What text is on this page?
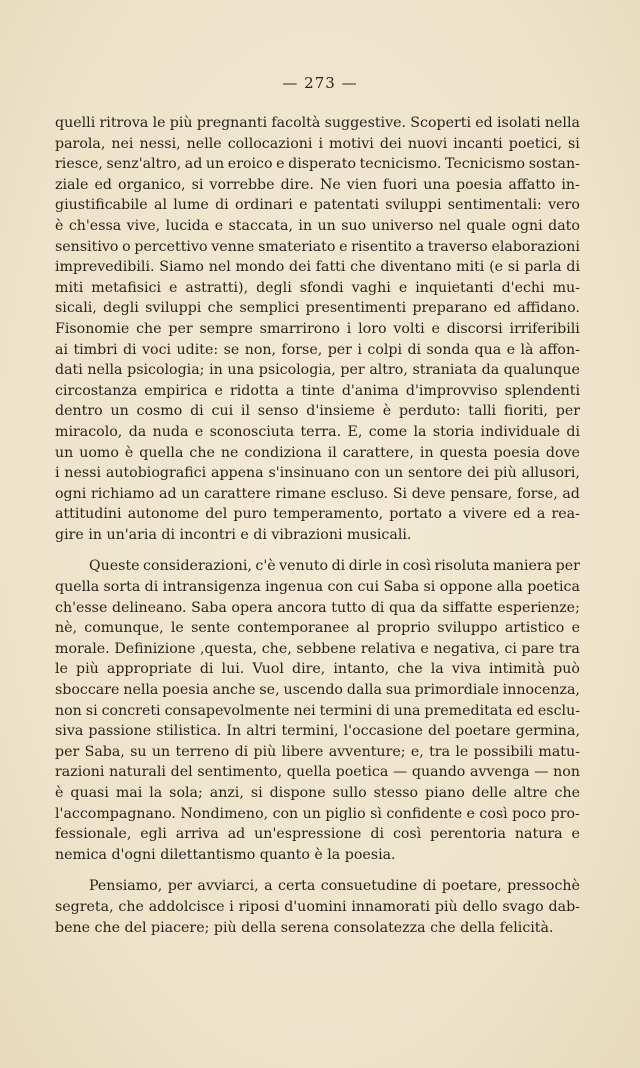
— 273 —
quelli ritrova le più pregnanti facoltà suggestive. Scoperti ed isolati nella
parola, nei nessi, nelle collocazioni i motivi dei nuovi incanti poetici, si
riesce, senz'altro, ad un eroico e disperato tecnicismo. Tecnicismo sostan-
ziale ed organico, si vorrebbe dire. Ne vien fuori una poesia affatto in-
giustificabile al lume di ordinari e patentati sviluppi sentimentali: vero
è ch'essa vive, lucida e staccata, in un suo universo nel quale ogni dato
sensitivo o percettivo venne smateriato e risentito a traverso elaborazioni
imprevedibili. Siamo nel mondo dei fatti che diventano miti (e si parla di
miti metafisici e astratti), degli sfondi vaghi e inquietanti d'echi mu-
sicali, degli sviluppi che semplici presentimenti preparano ed affidano.
Fisonomie che per sempre smarrirono i loro volti e discorsi irriferibili
ai timbri di voci udite: se non, forse, per i colpi di sonda qua e là affon-
dati nella psicologia; in una psicologia, per altro, straniata da qualunque
circostanza empirica e ridotta a tinte d'anima d'improvviso splendenti
dentro un cosmo di cui il senso d'insieme è perduto: talli fioriti, per
miracolo, da nuda e sconosciuta terra. E, come la storia individuale di
un uomo è quella che ne condiziona il carattere, in questa poesia dove
i nessi autobiografici appena s'insinuano con un sentore dei più allusori,
ogni richiamo ad un carattere rimane escluso. Si deve pensare, forse, ad
attitudini autonome del puro temperamento, portato a vivere ed a rea-
gire in un'aria di incontri e di vibrazioni musicali.
Queste considerazioni, c'è venuto di dirle in così risoluta maniera per
quella sorta di intransigenza ingenua con cui Saba si oppone alla poetica
ch'esse delineano. Saba opera ancora tutto di qua da siffatte esperienze;
nè, comunque, le sente contemporanee al proprio sviluppo artistico e
morale. Definizione ,questa, che, sebbene relativa e negativa, ci pare tra
le più appropriate di lui. Vuol dire, intanto, che la viva intimità può
sboccare nella poesia anche se, uscendo dalla sua primordiale innocenza,
non si concreti consapevolmente nei termini di una premeditata ed esclu-
siva passione stilistica. In altri termini, l'occasione del poetare germina,
per Saba, su un terreno di più libere avventure; e, tra le possibili matu-
razioni naturali del sentimento, quella poetica — quando avvenga — non
è quasi mai la sola; anzi, si dispone sullo stesso piano delle altre che
l'accompagnano. Nondimeno, con un piglio sì confidente e così poco pro-
fessionale, egli arriva ad un'espressione di così perentoria natura e
nemica d'ogni dilettantismo quanto è la poesia.
Pensiamo, per avviarci, a certa consuetudine di poetare, pressochè
segreta, che addolcisce i riposi d'uomini innamorati più dello svago dab-
bene che del piacere; più della serena consolatezza che della felicità.
